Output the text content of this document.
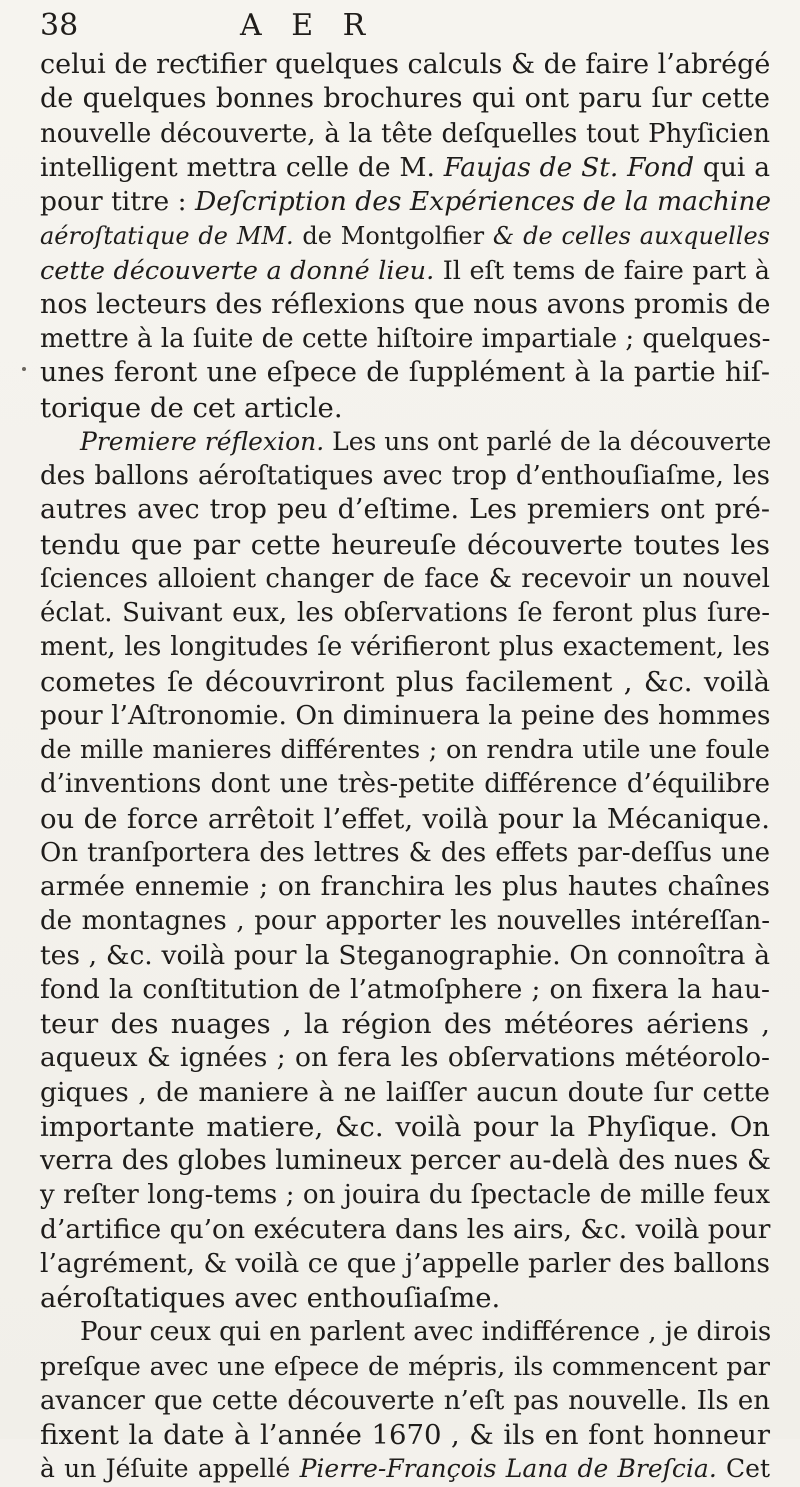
38	A E R
celui de reƈtifier quelques calculs & de faire l’abrégé
de quelques bonnes brochures qui ont paru ſur cette
nouvelle découverte, à la tête deſquelles tout Phyſicien
intelligent mettra celle de M. Faujas de St. Fond qui a
pour titre : Deſcription des Expériences de la machine
aéroſtatique de MM. de Montgolfier & de celles auxquelles
cette découverte a donné lieu. Il eſt tems de faire part à
nos lecteurs des réflexions que nous avons promis de
mettre à la ſuite de cette hiſtoire impartiale ; quelques-
unes feront une eſpece de ſupplément à la partie hiſ-
torique de cet article.
Premiere réflexion. Les uns ont parlé de la découverte
des ballons aéroſtatiques avec trop d’enthouſiaſme, les
autres avec trop peu d’eſtime. Les premiers ont pré-
tendu que par cette heureuſe découverte toutes les
ſciences alloient changer de face & recevoir un nouvel
éclat. Suivant eux, les obſervations ſe feront plus ſure-
ment, les longitudes ſe vérifieront plus exactement, les
cometes ſe découvriront plus facilement , &c. voilà
pour l’Aſtronomie. On diminuera la peine des hommes
de mille manieres différentes ; on rendra utile une foule
d’inventions dont une très-petite différence d’équilibre
ou de force arrêtoit l’effet, voilà pour la Mécanique.
On tranſportera des lettres & des effets par-deſſus une
armée ennemie ; on franchira les plus hautes chaînes
de montagnes , pour apporter les nouvelles intéreſſan-
tes , &c. voilà pour la Steganographie. On connoîtra à
fond la conſtitution de l’atmoſphere ; on fixera la hau-
teur des nuages , la région des météores aériens ,
aqueux & ignées ; on fera les obſervations météorolo-
giques , de maniere à ne laiſſer aucun doute ſur cette
importante matiere, &c. voilà pour la Phyſique. On
verra des globes lumineux percer au-delà des nues &
y reſter long-tems ; on jouira du ſpectacle de mille feux
d’artifice qu’on exécutera dans les airs, &c. voilà pour
l’agrément, & voilà ce que j’appelle parler des ballons
aéroſtatiques avec enthouſiaſme.
Pour ceux qui en parlent avec indifférence , je dirois
preſque avec une eſpece de mépris, ils commencent par
avancer que cette découverte n’eſt pas nouvelle. Ils en
fixent la date à l’année 1670 , & ils en font honneur
à un Jéſuite appellé Pierre-François Lana de Breſcia. Cet
